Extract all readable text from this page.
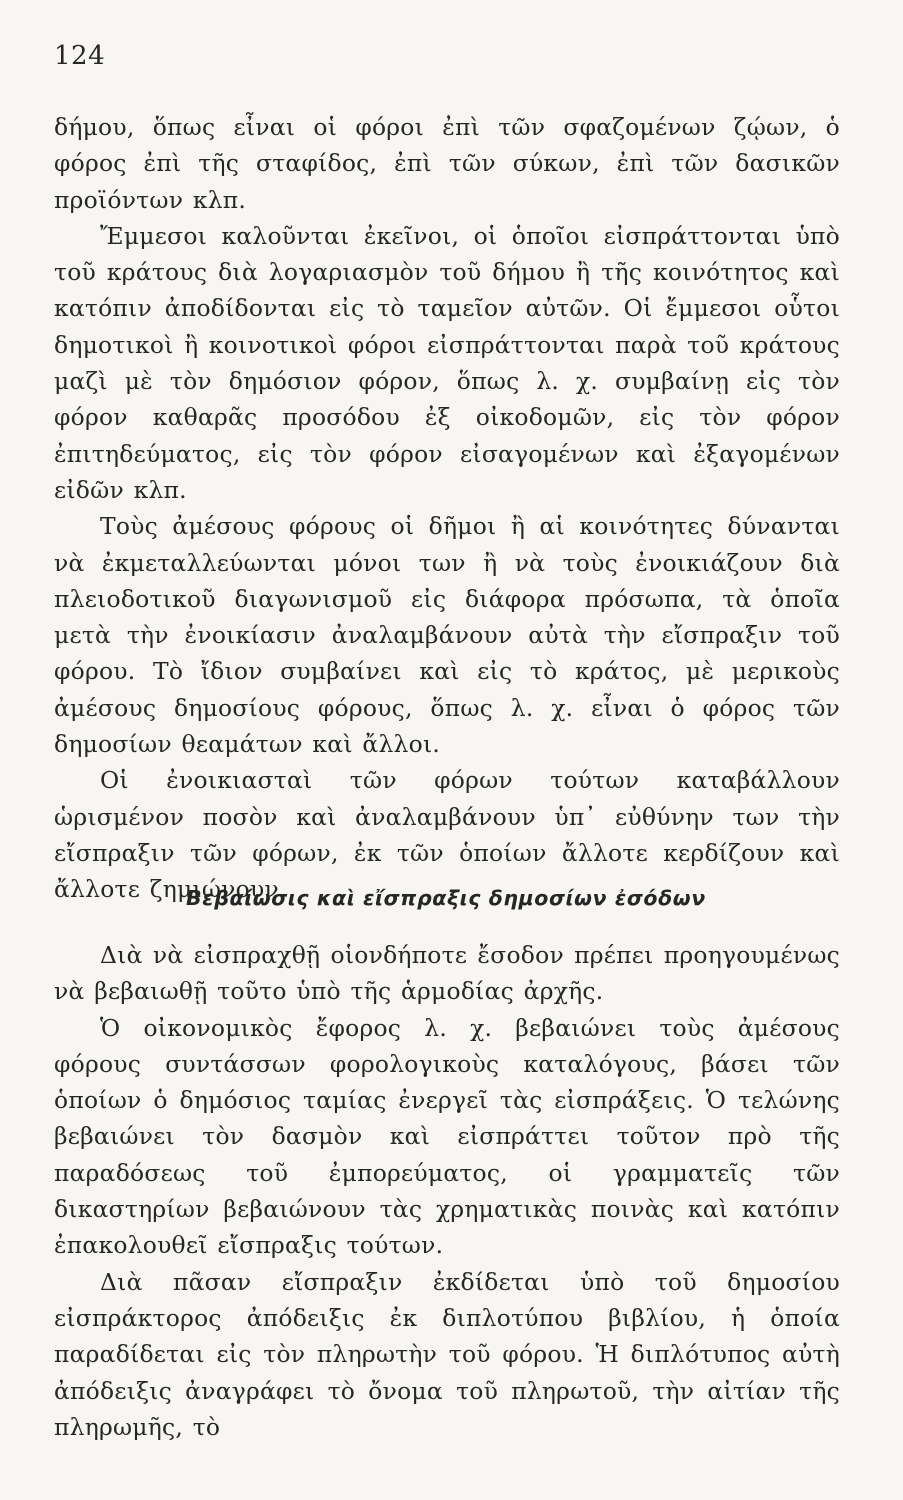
124

δήμου, ὅπως εἶναι οἱ φόροι ἐπὶ τῶν σφαζομένων ζῴων, ὁ φόρος ἐπὶ τῆς σταφίδος, ἐπὶ τῶν σύκων, ἐπὶ τῶν δασικῶν προϊόντων κλπ.

Ἔμμεσοι καλοῦνται ἐκεῖνοι, οἱ ὁποῖοι εἰσπράττονται ὑπὸ τοῦ κράτους διὰ λογαριασμὸν τοῦ δήμου ἢ τῆς κοινότητος καὶ κατόπιν ἀποδίδονται εἰς τὸ ταμεῖον αὐτῶν. Οἱ ἔμμεσοι οὗτοι δημοτικοὶ ἢ κοινοτικοὶ φόροι εἰσπράττονται παρὰ τοῦ κράτους μαζὶ μὲ τὸν δημόσιον φόρον, ὅπως λ. χ. συμβαίνῃ εἰς τὸν φόρον καθαρᾶς προσόδου ἐξ οἰκοδομῶν, εἰς τὸν φόρον ἐπιτηδεύματος, εἰς τὸν φόρον εἰσαγομένων καὶ ἐξαγομένων εἰδῶν κλπ.

Τοὺς ἀμέσους φόρους οἱ δῆμοι ἢ αἱ κοινότητες δύνανται νὰ ἐκμεταλλεύωνται μόνοι των ἢ νὰ τοὺς ἐνοικιάζουν διὰ πλειοδοτικοῦ διαγωνισμοῦ εἰς διάφορα πρόσωπα, τὰ ὁποῖα μετὰ τὴν ἐνοικίασιν ἀναλαμβάνουν αὐτὰ τὴν εἴσπραξιν τοῦ φόρου. Τὸ ἴδιον συμβαίνει καὶ εἰς τὸ κράτος, μὲ μερικοὺς ἀμέσους δημοσίους φόρους, ὅπως λ. χ. εἶναι ὁ φόρος τῶν δημοσίων θεαμάτων καὶ ἄλλοι.

Οἱ ἐνοικιασταὶ τῶν φόρων τούτων καταβάλλουν ὡρισμένον ποσὸν καὶ ἀναλαμβάνουν ὑπ᾽ εὐθύνην των τὴν εἴσπραξιν τῶν φόρων, ἐκ τῶν ὁποίων ἄλλοτε κερδίζουν καὶ ἄλλοτε ζημιώνουν.

Βεβαίωσις καὶ εἴσπραξις δημοσίων ἐσόδων

Διὰ νὰ εἰσπραχθῇ οἱονδήποτε ἔσοδον πρέπει προηγουμένως νὰ βεβαιωθῇ τοῦτο ὑπὸ τῆς ἁρμοδίας ἀρχῆς.

Ὁ οἰκονομικὸς ἔφορος λ. χ. βεβαιώνει τοὺς ἀμέσους φόρους συντάσσων φορολογικοὺς καταλόγους, βάσει τῶν ὁποίων ὁ δημόσιος ταμίας ἐνεργεῖ τὰς εἰσπράξεις. Ὁ τελώνης βεβαιώνει τὸν δασμὸν καὶ εἰσπράττει τοῦτον πρὸ τῆς παραδόσεως τοῦ ἐμπορεύματος, οἱ γραμματεῖς τῶν δικαστηρίων βεβαιώνουν τὰς χρηματικὰς ποινὰς καὶ κατόπιν ἐπακολουθεῖ εἴσπραξις τούτων.

Διὰ πᾶσαν εἴσπραξιν ἐκδίδεται ὑπὸ τοῦ δημοσίου εἰσπράκτορος ἀπόδειξις ἐκ διπλοτύπου βιβλίου, ἡ ὁποία παραδίδεται εἰς τὸν πληρωτὴν τοῦ φόρου. Ἡ διπλότυπος αὐτὴ ἀπόδειξις ἀναγράφει τὸ ὄνομα τοῦ πληρωτοῦ, τὴν αἰτίαν τῆς πληρωμῆς, τὸ
